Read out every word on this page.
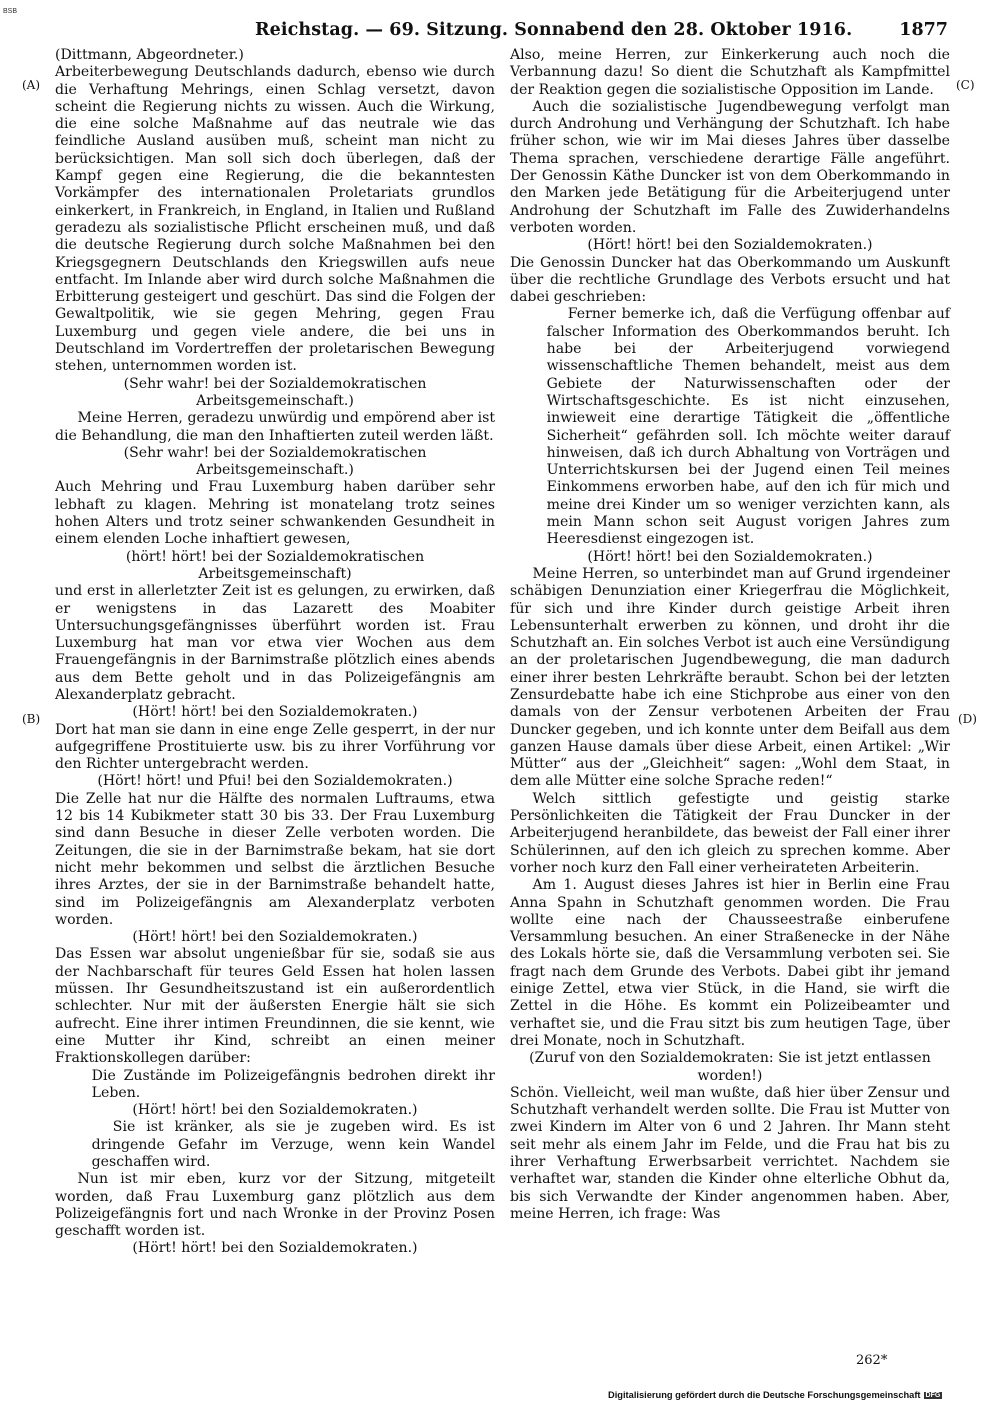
BSB
Reichstag. — 69. Sitzung. Sonnabend den 28. Oktober 1916.	1877
(A)
(B)
(C)
(D)

(Dittmann, Abgeordneter.)

Arbeiterbewegung Deutschlands dadurch, ebenso wie durch die Verhaftung Mehrings, einen Schlag versetzt, davon scheint die Regierung nichts zu wissen. Auch die Wirkung, die eine solche Maßnahme auf das neutrale wie das feindliche Ausland ausüben muß, scheint man nicht zu berücksichtigen. Man soll sich doch überlegen, daß der Kampf gegen eine Regierung, die die bekanntesten Vorkämpfer des internationalen Proletariats grundlos einkerkert, in Frankreich, in England, in Italien und Rußland geradezu als sozialistische Pflicht erscheinen muß, und daß die deutsche Regierung durch solche Maßnahmen bei den Kriegsgegnern Deutschlands den Kriegswillen aufs neue entfacht. Im Inlande aber wird durch solche Maßnahmen die Erbitterung gesteigert und geschürt. Das sind die Folgen der Gewaltpolitik, wie sie gegen Mehring, gegen Frau Luxemburg und gegen viele andere, die bei uns in Deutschland im Vordertreffen der proletarischen Bewegung stehen, unternommen worden ist.

(Sehr wahr! bei der Sozialdemokratischen Arbeitsgemeinschaft.)

Meine Herren, geradezu unwürdig und empörend aber ist die Behandlung, die man den Inhaftierten zuteil werden läßt.

(Sehr wahr! bei der Sozialdemokratischen Arbeitsgemeinschaft.)

Auch Mehring und Frau Luxemburg haben darüber sehr lebhaft zu klagen. Mehring ist monatelang trotz seines hohen Alters und trotz seiner schwankenden Gesundheit in einem elenden Loche inhaftiert gewesen,

(hört! hört! bei der Sozialdemokratischen Arbeitsgemeinschaft)

und erst in allerletzter Zeit ist es gelungen, zu erwirken, daß er wenigstens in das Lazarett des Moabiter Untersuchungsgefängnisses überführt worden ist. Frau Luxemburg hat man vor etwa vier Wochen aus dem Frauengefängnis in der Barnimstraße plötzlich eines abends aus dem Bette geholt und in das Polizeigefängnis am Alexanderplatz gebracht.

(Hört! hört! bei den Sozialdemokraten.)

Dort hat man sie dann in eine enge Zelle gesperrt, in der nur aufgegriffene Prostituierte usw. bis zu ihrer Vorführung vor den Richter untergebracht werden.

(Hört! hört! und Pfui! bei den Sozialdemokraten.)

Die Zelle hat nur die Hälfte des normalen Luftraums, etwa 12 bis 14 Kubikmeter statt 30 bis 33. Der Frau Luxemburg sind dann Besuche in dieser Zelle verboten worden. Die Zeitungen, die sie in der Barnimstraße bekam, hat sie dort nicht mehr bekommen und selbst die ärztlichen Besuche ihres Arztes, der sie in der Barnimstraße behandelt hatte, sind im Polizeigefängnis am Alexanderplatz verboten worden.

(Hört! hört! bei den Sozialdemokraten.)

Das Essen war absolut ungenießbar für sie, sodaß sie aus der Nachbarschaft für teures Geld Essen hat holen lassen müssen. Ihr Gesundheitszustand ist ein außerordentlich schlechter. Nur mit der äußersten Energie hält sie sich aufrecht. Eine ihrer intimen Freundinnen, die sie kennt, wie eine Mutter ihr Kind, schreibt an einen meiner Fraktionskollegen darüber:

Die Zustände im Polizeigefängnis bedrohen direkt ihr Leben.

(Hört! hört! bei den Sozialdemokraten.)

Sie ist kränker, als sie je zugeben wird. Es ist dringende Gefahr im Verzuge, wenn kein Wandel geschaffen wird.

Nun ist mir eben, kurz vor der Sitzung, mitgeteilt worden, daß Frau Luxemburg ganz plötzlich aus dem Polizeigefängnis fort und nach Wronke in der Provinz Posen geschafft worden ist.

(Hört! hört! bei den Sozialdemokraten.)

Also, meine Herren, zur Einkerkerung auch noch die Verbannung dazu! So dient die Schutzhaft als Kampfmittel der Reaktion gegen die sozialistische Opposition im Lande.

Auch die sozialistische Jugendbewegung verfolgt man durch Androhung und Verhängung der Schutzhaft. Ich habe früher schon, wie wir im Mai dieses Jahres über dasselbe Thema sprachen, verschiedene derartige Fälle angeführt. Der Genossin Käthe Duncker ist von dem Oberkommando in den Marken jede Betätigung für die Arbeiterjugend unter Androhung der Schutzhaft im Falle des Zuwiderhandelns verboten worden.

(Hört! hört! bei den Sozialdemokraten.)

Die Genossin Duncker hat das Oberkommando um Auskunft über die rechtliche Grundlage des Verbots ersucht und hat dabei geschrieben:

Ferner bemerke ich, daß die Verfügung offenbar auf falscher Information des Oberkommandos beruht. Ich habe bei der Arbeiterjugend vorwiegend wissenschaftliche Themen behandelt, meist aus dem Gebiete der Naturwissenschaften oder der Wirtschaftsgeschichte. Es ist nicht einzusehen, inwieweit eine derartige Tätigkeit die „öffentliche Sicherheit“ gefährden soll. Ich möchte weiter darauf hinweisen, daß ich durch Abhaltung von Vorträgen und Unterrichtskursen bei der Jugend einen Teil meines Einkommens erworben habe, auf den ich für mich und meine drei Kinder um so weniger verzichten kann, als mein Mann schon seit August vorigen Jahres zum Heeresdienst eingezogen ist.

(Hört! hört! bei den Sozialdemokraten.)

Meine Herren, so unterbindet man auf Grund irgendeiner schäbigen Denunziation einer Kriegerfrau die Möglichkeit, für sich und ihre Kinder durch geistige Arbeit ihren Lebensunterhalt erwerben zu können, und droht ihr die Schutzhaft an. Ein solches Verbot ist auch eine Versündigung an der proletarischen Jugendbewegung, die man dadurch einer ihrer besten Lehrkräfte beraubt. Schon bei der letzten Zensurdebatte habe ich eine Stichprobe aus einer von den damals von der Zensur verbotenen Arbeiten der Frau Duncker gegeben, und ich konnte unter dem Beifall aus dem ganzen Hause damals über diese Arbeit, einen Artikel: „Wir Mütter“ aus der „Gleichheit“ sagen: „Wohl dem Staat, in dem alle Mütter eine solche Sprache reden!“

Welch sittlich gefestigte und geistig starke Persönlichkeiten die Tätigkeit der Frau Duncker in der Arbeiterjugend heranbildete, das beweist der Fall einer ihrer Schülerinnen, auf den ich gleich zu sprechen komme. Aber vorher noch kurz den Fall einer verheirateten Arbeiterin.

Am 1. August dieses Jahres ist hier in Berlin eine Frau Anna Spahn in Schutzhaft genommen worden. Die Frau wollte eine nach der Chausseestraße einberufene Versammlung besuchen. An einer Straßenecke in der Nähe des Lokals hörte sie, daß die Versammlung verboten sei. Sie fragt nach dem Grunde des Verbots. Dabei gibt ihr jemand einige Zettel, etwa vier Stück, in die Hand, sie wirft die Zettel in die Höhe. Es kommt ein Polizeibeamter und verhaftet sie, und die Frau sitzt bis zum heutigen Tage, über drei Monate, noch in Schutzhaft.

(Zuruf von den Sozialdemokraten: Sie ist jetzt entlassen worden!)

Schön. Vielleicht, weil man wußte, daß hier über Zensur und Schutzhaft verhandelt werden sollte. Die Frau ist Mutter von zwei Kindern im Alter von 6 und 2 Jahren. Ihr Mann steht seit mehr als einem Jahr im Felde, und die Frau hat bis zu ihrer Verhaftung Erwerbsarbeit verrichtet. Nachdem sie verhaftet war, standen die Kinder ohne elterliche Obhut da, bis sich Verwandte der Kinder angenommen haben. Aber, meine Herren, ich frage: Was

262*
Digitalisierung gefördert durch die Deutsche Forschungsgemeinschaft DFG
